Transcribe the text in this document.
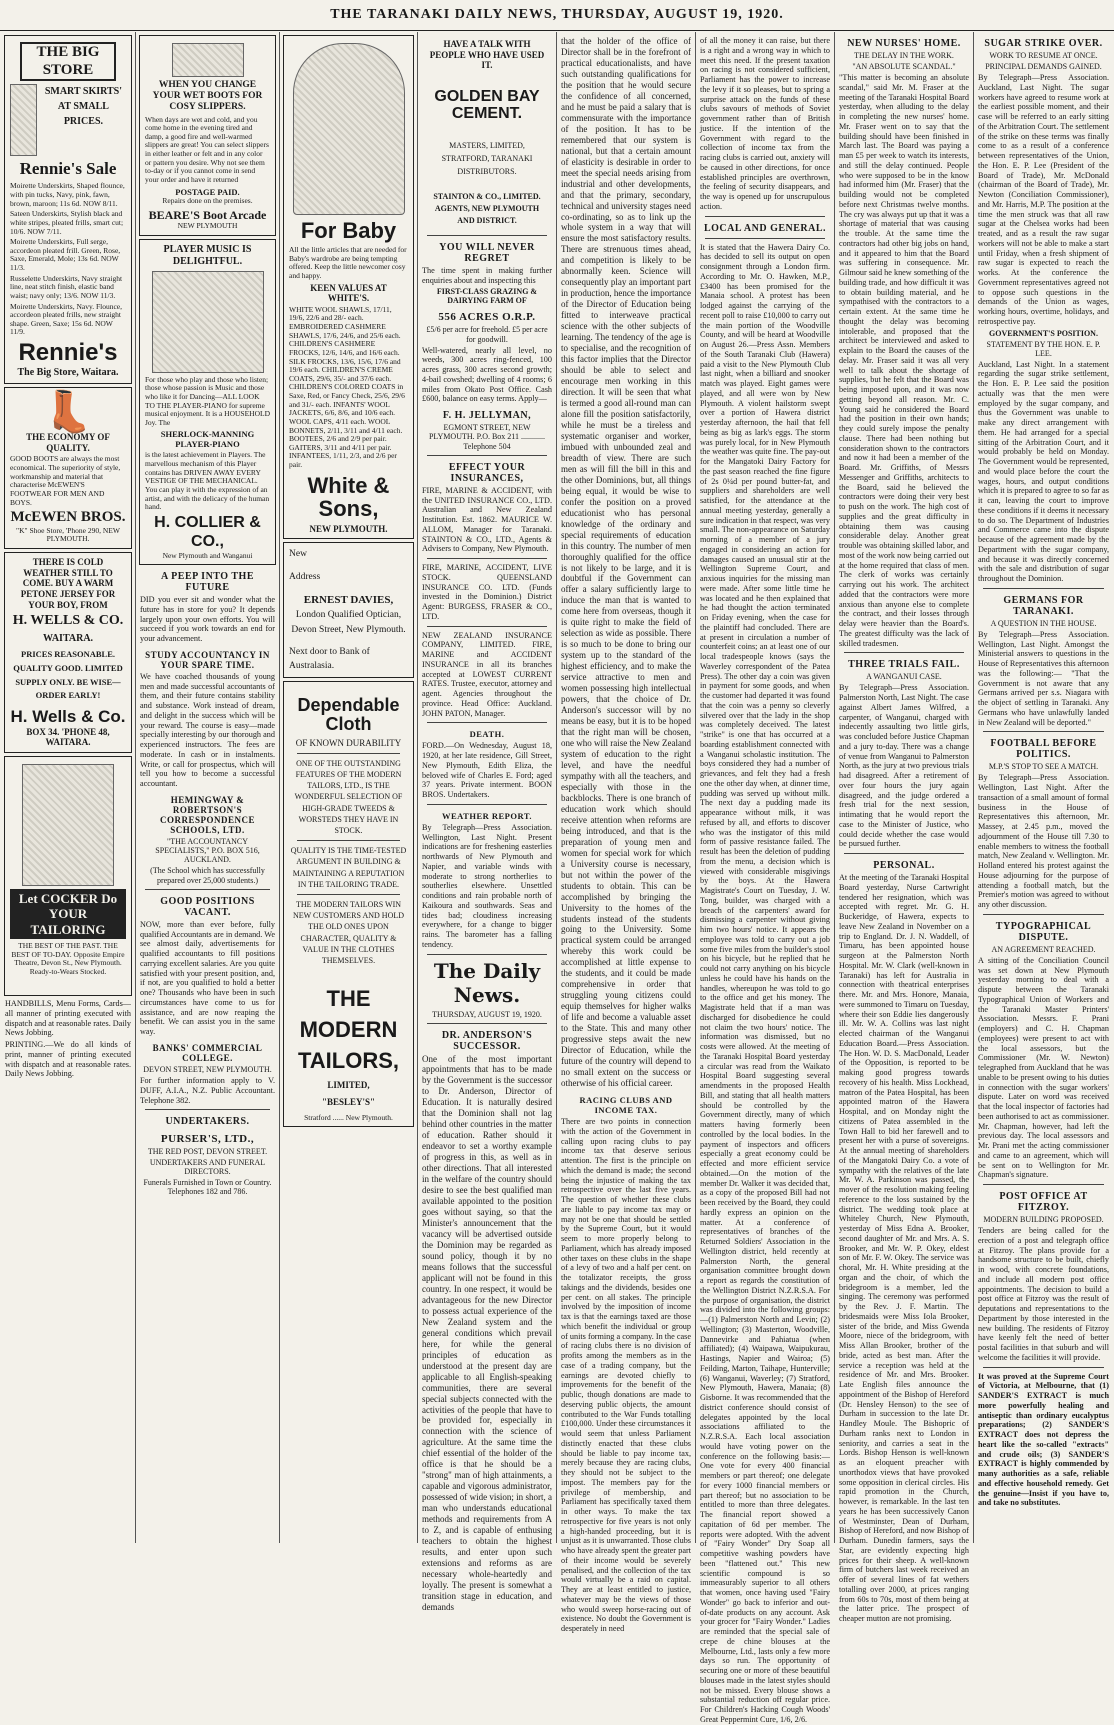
THE TARANAKI DAILY NEWS, THURSDAY, AUGUST 19, 1920.
THE BIG STORE
SMART SKIRTS' AT SMALL PRICES.
Rennie's Sale

Moirette Underskirts, Shaped flounce, with pin tucks, Navy, pink, fawn, brown, maroon; 11s 6d. NOW 8/11.

Sateen Underskirts, Stylish black and white stripes, pleated frills, smart cut; 10/6. NOW 7/11.

Moirette Underskirts, Full serge, accordeon pleated frill. Green, Rose, Saxe, Emerald, Mole; 13s 6d. NOW 11/3.

Russelette Underskirts, Navy straight line, neat stitch finish, elastic band waist; navy only; 13/6. NOW 11/3.

Moirette Underskirts, Navy. Flounce, accordeon pleated frills, new straight shape. Green, Saxe; 15s 6d. NOW 11/9.

Rennie's
The Big Store, Waitara.
👢
THE ECONOMY OF QUALITY.

GOOD BOOTS are always the most economical. The superiority of style, workmanship and material that characterise McEWEN'S FOOTWEAR FOR MEN AND BOYS.

McEWEN BROS.
"K" Shoe Store, 'Phone 290, NEW PLYMOUTH.
THERE IS COLD WEATHER STILL TO COME. BUY A WARM PETONE JERSEY FOR YOUR BOY, FROM
H. WELLS & CO.
WAITARA.
PRICES REASONABLE. QUALITY GOOD. LIMITED SUPPLY ONLY. BE WISE—ORDER EARLY!
H. Wells & Co.
BOX 34. 'PHONE 48, WAITARA.
Let COCKER Do YOUR TAILORING
THE BEST OF THE PAST. THE BEST OF TO-DAY. Opposite Empire Theatre, Devon St., New Plymouth. Ready-to-Wears Stocked.

HANDBILLS, Menu Forms, Cards—all manner of printing executed with dispatch and at reasonable rates. Daily News Jobbing.

PRINTING.—We do all kinds of print, manner of printing executed with dispatch and at reasonable rates. Daily News Jobbing.

WHEN YOU CHANGE YOUR WET BOOTS FOR COSY SLIPPERS.

When days are wet and cold, and you come home in the evening tired and damp, a good fire and well-warmed slippers are great! You can select slippers in either leather or felt and in any color or pattern you desire. Why not see them to-day or if you cannot come in send your order and have it returned

POSTAGE PAID.
Repairs done on the premises.
BEARE'S Boot Arcade
NEW PLYMOUTH
PLAYER MUSIC IS DELIGHTFUL.

For those who play and those who listen; those whose passion is Music and those who like it for Dancing—ALL LOOK TO THE PLAYER-PIANO for supreme musical enjoyment. It is a HOUSEHOLD Joy. The

SHERLOCK-MANNING PLAYER-PIANO

is the latest achievement in Players. The marvellous mechanism of this Player contains has DRIVEN AWAY EVERY VESTIGE OF THE MECHANICAL. You can play it with the expression of an artist, and with the delicacy of the human hand.

H. COLLIER & CO.,
New Plymouth and Wanganui
A PEEP INTO THE FUTURE

DID you ever sit and wonder what the future has in store for you? It depends largely upon your own efforts. You will succeed if you work towards an end for your advancement.

STUDY ACCOUNTANCY IN YOUR SPARE TIME.

We have coached thousands of young men and made successful accountants of them, and their future contains stability and substance. Work instead of dream, and delight in the success which will be your reward. The course is easy—made specially interesting by our thorough and experienced instructors. The fees are moderate. In cash or in instalments. Write, or call for prospectus, which will tell you how to become a successful accountant.

HEMINGWAY & ROBERTSON'S CORRESPONDENCE SCHOOLS, LTD.
"THE ACCOUNTANCY SPECIALISTS," P.O. BOX 516, AUCKLAND.
(The School which has successfully prepared over 25,000 students.)
GOOD POSITIONS VACANT.

NOW, more than ever before, fully qualified Accountants are in demand. We see almost daily, advertisements for qualified accountants to fill positions carrying excellent salaries. Are you quite satisfied with your present position, and, if not, are you qualified to hold a better one? Thousands who have been in such circumstances have come to us for assistance, and are now reaping the benefit. We can assist you in the same way.

BANKS' COMMERCIAL COLLEGE.
DEVON STREET, NEW PLYMOUTH.

For further information apply to V. DUFF, A.I.A., N.Z. Public Accountant. Telephone 382.

UNDERTAKERS.
PURSER'S, LTD.,
THE RED POST, DEVON STREET.
UNDERTAKERS AND FUNERAL DIRECTORS.
Funerals Furnished in Town or Country. Telephones 182 and 786.
For Baby

All the little articles that are needed for Baby's wardrobe are being tempting offered. Keep the little newcomer cosy and happy.

KEEN VALUES AT WHITE'S.

WHITE WOOL SHAWLS, 17/11, 19/6, 22/6 and 28/- each. EMBROIDERED CASHMERE SHAWLS, 17/6, 24/6, and 25/6 each. CHILDREN'S CASHMERE FROCKS, 12/6, 14/6, and 16/6 each. SILK FROCKS, 13/6, 15/6, 17/6 and 19/6 each. CHILDREN'S CREME COATS, 29/6, 35/- and 37/6 each. CHILDREN'S COLORED COATS in Saxe, Red, or Fancy Check, 25/6, 29/6 and 31/- each. INFANTS' WOOL JACKETS, 6/6, 8/6, and 10/6 each. WOOL CAPS, 4/11 each. WOOL BONNETS, 2/11, 3/11 and 4/11 each. BOOTEES, 2/6 and 2/9 per pair. GAITERS, 3/11 and 4/11 per pair. INFANTEES, 1/11, 2/3, and 2/6 per pair.

White & Sons,
NEW PLYMOUTH.
New
Address
ERNEST DAVIES,
London Qualified Optician,
Devon Street, New Plymouth.
Next door to Bank of Australasia.
Dependable Cloth
OF KNOWN DURABILITY

ONE OF THE OUTSTANDING FEATURES OF THE MODERN TAILORS, LTD., IS THE WONDERFUL SELECTION OF HIGH-GRADE TWEEDS & WORSTEDS THEY HAVE IN STOCK.

QUALITY IS THE TIME-TESTED ARGUMENT IN BUILDING & MAINTAINING A REPUTATION IN THE TAILORING TRADE.

THE MODERN TAILORS WIN NEW CUSTOMERS AND HOLD THE OLD ONES UPON CHARACTER, QUALITY & VALUE IN THE CLOTHES THEMSELVES.

THE MODERN TAILORS,
LIMITED,
"BESLEY'S"
Stratford ...... New Plymouth.
HAVE A TALK WITH PEOPLE WHO HAVE USED IT.
GOLDEN BAY CEMENT.
MASTERS, LIMITED, STRATFORD, TARANAKI DISTRIBUTORS.
STAINTON & CO., LIMITED. AGENTS, NEW PLYMOUTH AND DISTRICT.
YOU WILL NEVER REGRET

The time spent in making further enquiries about and inspecting this

FIRST-CLASS GRAZING & DAIRYING FARM OF
556 ACRES O.R.P.
£5/6 per acre for freehold. £5 per acre for goodwill.

Well-watered, nearly all level, no weeds, 300 acres ring-fenced, 100 acres grass, 300 acres second growth; 4-bail cowshed; dwelling of 4 rooms; 6 miles from Okato Post Office. Cash £600, balance on easy terms. Apply—

F. H. JELLYMAN,
EGMONT STREET, NEW PLYMOUTH. P.O. Box 211 ............ Telephone 504
EFFECT YOUR INSURANCES,

FIRE, MARINE & ACCIDENT, with the UNITED INSURANCE CO., LTD. Australian and New Zealand Institution. Est. 1862. MAURICE W. ALLOM, Manager for Taranaki. STAINTON & CO., LTD., Agents & Advisers to Company, New Plymouth.

FIRE, MARINE, ACCIDENT, LIVE STOCK. QUEENSLAND INSURANCE CO. LTD. (Funds invested in the Dominion.) District Agent: BURGESS, FRASER & CO., LTD.

NEW ZEALAND INSURANCE COMPANY, LIMITED. FIRE, MARINE and ACCIDENT INSURANCE in all its branches accepted at LOWEST CURRENT RATES. Trustee, executor, attorney and agent. Agencies throughout the province. Head Office: Auckland. JOHN PATON, Manager.

DEATH.

FORD.—On Wednesday, August 18, 1920, at her late residence, Gill Street, New Plymouth, Edith Eliza, the beloved wife of Charles E. Ford; aged 37 years. Private interment. BOON BROS. Undertakers.

WEATHER REPORT.

By Telegraph—Press Association. Wellington, Last Night. Present indications are for freshening easterlies northwards of New Plymouth and Napier, and variable winds with moderate to strong northerlies to southerlies elsewhere. Unsettled conditions and rain probable north of Kaikoura and southwards. Seas and tides bad; cloudiness increasing everywhere, for a change to bigger rains. The barometer has a falling tendency.

The Daily News.
THURSDAY, AUGUST 19, 1920.
DR. ANDERSON'S SUCCESSOR.

One of the most important appointments that has to be made by the Government is the successor to Dr. Anderson, Director of Education. It is naturally desired that the Dominion shall not lag behind other countries in the matter of education. Rather should it endeavor to set a worthy example of progress in this, as well as in other directions. That all interested in the welfare of the country should desire to see the best qualified man available appointed to the position goes without saying, so that the Minister's announcement that the vacancy will be advertised outside the Dominion may be regarded as sound policy, though it by no means follows that the successful applicant will not be found in this country. In one respect, it would be advantageous for the new Director to possess actual experience of the New Zealand system and the general conditions which prevail here, for while the general principles of education as understood at the present day are applicable to all English-speaking communities, there are several special subjects connected with the activities of the people that have to be provided for, especially in connection with the science of agriculture. At the same time the chief essential of the holder of the office is that he should be a "strong" man of high attainments, a capable and vigorous administrator, possessed of wide vision; in short, a man who understands educational methods and requirements from A to Z, and is capable of enthusing teachers to obtain the highest results, and enter upon such extensions and reforms as are necessary whole-heartedly and loyally. The present is somewhat a transition stage in education, and demands

that the holder of the office of Director shall be in the forefront of practical educationalists, and have such outstanding qualifications for the position that he would secure the confidence of all concerned, and he must be paid a salary that is commensurate with the importance of the position. It has to be remembered that our system is national, but that a certain amount of elasticity is desirable in order to meet the special needs arising from industrial and other developments, and that the primary, secondary, technical and university stages need co-ordinating, so as to link up the whole system in a way that will ensure the most satisfactory results. There are strenuous times ahead, and competition is likely to be abnormally keen. Science will consequently play an important part in production, hence the importance of the Director of Education being fitted to interweave practical science with the other subjects of learning. The tendency of the age is to specialise, and the recognition of this factor implies that the Director should be able to select and encourage men working in this direction. It will be seen that what is termed a good all-round man can alone fill the position satisfactorily, while he must be a tireless and systematic organiser and worker, imbued with unbounded zeal and breadth of view. There are such men as will fill the bill in this and the other Dominions, but, all things being equal, it would be wise to confer the position on a proved educationist who has personal knowledge of the ordinary and special requirements of education in this country. The number of men thoroughly qualified for the office is not likely to be large, and it is doubtful if the Government can offer a salary sufficiently large to induce the man that is wanted to come here from overseas, though it is quite right to make the field of selection as wide as possible. There is so much to be done to bring our system up to the standard of the highest efficiency, and to make the service attractive to men and women possessing high intellectual powers, that the choice of Dr. Anderson's successor will by no means be easy, but it is to be hoped that the right man will be chosen, one who will raise the New Zealand system of education to the right level, and have the needful sympathy with all the teachers, and especially with those in the backblocks. There is one branch of education work which should receive attention when reforms are being introduced, and that is the preparation of young men and women for special work for which a University course is necessary, but not within the power of the students to obtain. This can be accomplished by bringing the University to the homes of the students instead of the students going to the University. Some practical system could be arranged whereby this work could be accomplished at little expense to the students, and it could be made comprehensive in order that struggling young citizens could equip themselves for higher walks of life and become a valuable asset to the State. This and many other progressive steps await the new Director of Education, while the future of the country will depend to no small extent on the success or otherwise of his official career.

RACING CLUBS AND INCOME TAX.

There are two points in connection with the action of the Government in calling upon racing clubs to pay income tax that deserve serious attention. The first is the principle on which the demand is made; the second being the injustice of making the tax retrospective over the last five years. The question of whether these clubs are liable to pay income tax may or may not be one that should be settled by the Supreme Court, but it would seem to more properly belong to Parliament, which has already imposed other taxes on these clubs in the shape of a levy of two and a half per cent. on the totalizator receipts, the gross takings and the dividends, besides one per cent. on all stakes. The principle involved by the imposition of income tax is that the earnings taxed are those which benefit the individual or group of units forming a company. In the case of racing clubs there is no division of profits among the members as in the case of a trading company, but the earnings are devoted chiefly to improvements for the benefit of the public, though donations are made to deserving public objects, the amount contributed to the War Funds totalling £100,000. Under these circumstances it would seem that unless Parliament distinctly enacted that these clubs should be liable to pay income tax, merely because they are racing clubs, they should not be subject to the impost. The members pay for the privilege of membership, and Parliament has specifically taxed them in other ways. To make the tax retrospective for five years is not only a high-handed proceeding, but it is unjust as it is unwarranted. Those clubs who have already spent the greater part of their income would be severely penalised, and the collection of the tax would virtually be a raid on capital. They are at least entitled to justice, whatever may be the views of those who would sweep horse-racing out of existence. No doubt the Government is desperately in need

of all the money it can raise, but there is a right and a wrong way in which to meet this need. If the present taxation on racing is not considered sufficient, Parliament has the power to increase the levy if it so pleases, but to spring a surprise attack on the funds of these clubs savours of methods of Soviet government rather than of British justice. If the intention of the Government with regard to the collection of income tax from the racing clubs is carried out, anxiety will be caused in other directions, for once established principles are overthrown, the feeling of security disappears, and the way is opened up for unscrupulous action.

LOCAL AND GENERAL.

It is stated that the Hawera Dairy Co. has decided to sell its output on open consignment through a London firm. According to Mr. O. Hawken, M.P., £3400 has been promised for the Manaia school. A protest has been lodged against the carrying of the recent poll to raise £10,000 to carry out the main portion of the Woodville County, and will be heard at Woodville on August 26.—Press Assn. Members of the South Taranaki Club (Hawera) paid a visit to the New Plymouth Club last night, when a billiard and snooker match was played. Eight games were played, and all were won by New Plymouth. A violent hailstorm swept over a portion of Hawera district yesterday afternoon, the hail that fell being as big as lark's eggs. The storm was purely local, for in New Plymouth the weather was quite fine. The pay-out for the Mangatoki Dairy Factory for the past season reached the fine figure of 2s 0¼d per pound butter-fat, and suppliers and shareholders are well satisfied, for the attendance at the annual meeting yesterday, generally a sure indication in that respect, was very small. The non-appearance on Saturday morning of a member of a jury engaged in considering an action for damages caused an unusual stir at the Wellington Supreme Court, and anxious inquiries for the missing man were made. After some little time he was located and he then explained that he had thought the action terminated on Friday evening, when the case for the plaintiff had concluded. There are at present in circulation a number of counterfeit coins; an at least one of our local tradespeople knows (says the Waverley correspondent of the Patea Press). The other day a coin was given in payment for some goods, and when the customer had departed it was found that the coin was a penny so cleverly silvered over that the lady in the shop was completely deceived. The latest "strike" is one that has occurred at a boarding establishment connected with a Wanganui scholastic institution. The boys considered they had a number of grievances, and felt they had a fresh one the other day when, at dinner time, pudding was served up without milk. The next day a pudding made its appearance without milk, it was refused by all, and efforts to discover who was the instigator of this mild form of passive resistance failed. The result has been the deletion of pudding from the menu, a decision which is viewed with considerable misgivings by the boys. At the Hawera Magistrate's Court on Tuesday, J. W. Tong, builder, was charged with a breach of the carpenters' award for dismissing a carpenter without giving him two hours' notice. It appears the employee was told to carry out a job some five miles from the builder's stool on his bicycle, but he replied that he could not carry anything on his bicycle unless he could have his hands on the handles, whereupon he was told to go to the office and get his money. The Magistrate held that if a man was discharged for disobedience he could not claim the two hours' notice. The information was dismissed, but no costs were allowed. At the meeting of the Taranaki Hospital Board yesterday a circular was read from the Waikato Hospital Board suggesting several amendments in the proposed Health Bill, and stating that all health matters should be controlled by the Government directly, many of which matters having formerly been controlled by the local bodies. In the payment of inspectors and officers especially a great economy could be effected and more efficient service obtained.—On the motion of the member Dr. Walker it was decided that, as a copy of the proposed Bill had not been received by the Board, they could hardly express an opinion on the matter. At a conference of representatives of branches of the Returned Soldiers' Association in the Wellington district, held recently at Palmerston North, the general organisation committee brought down a report as regards the constitution of the Wellington District N.Z.R.S.A. For the purpose of organisation, the district was divided into the following groups:—(1) Palmerston North and Levin; (2) Wellington; (3) Masterton, Woodville, Dannevirke and Pahiatua (when affiliated); (4) Waipawa, Waipukurau, Hastings, Napier and Wairoa; (5) Feilding, Marton, Taihape, Hunterville; (6) Wanganui, Waverley; (7) Stratford, New Plymouth, Hawera, Manaia; (8) Gisborne. It was recommended that the district conference should consist of delegates appointed by the local associations affiliated to the N.Z.R.S.A. Each local association would have voting power on the conference on the following basis:—One vote for every 400 financial members or part thereof; one delegate for every 1000 financial members or part thereof; but no association to be entitled to more than three delegates. The financial report showed a capitation of 6d per member. The reports were adopted. With the advent of "Fairy Wonder" Dry Soap all competitive washing powders have been "flattened out." This new scientific compound is so immeasurably superior to all others that women, once having used "Fairy Wonder" go back to inferior and out-of-date products on any account. Ask your grocer for "Fairy Wonder." Ladies are reminded that the special sale of crepe de chine blouses at the Melbourne, Ltd., lasts only a few more days so run. The opportunity of securing one or more of these beautiful blouses made in the latest styles should not be missed. Every blouse shows a substantial reduction off regular price. For Children's Hacking Cough Woods' Great Peppermint Cure, 1/6, 2/6.

NEW NURSES' HOME.
THE DELAY IN THE WORK.
"AN ABSOLUTE SCANDAL."

"This matter is becoming an absolute scandal," said Mr. M. Fraser at the meeting of the Taranaki Hospital Board yesterday, when alluding to the delay in completing the new nurses' home. Mr. Fraser went on to say that the building should have been finished in March last. The Board was paying a man £5 per week to watch its interests, and still the delay continued. People who were supposed to be in the know had informed him (Mr. Fraser) that the building would not be completed before next Christmas twelve months. The cry was always put up that it was a shortage of material that was causing the trouble. At the same time the contractors had other big jobs on hand, and it appeared to him that the Board was suffering in consequence. Mr. Gilmour said he knew something of the building trade, and how difficult it was to obtain building material, and he sympathised with the contractors to a certain extent. At the same time he thought the delay was becoming intolerable, and proposed that the architect be interviewed and asked to explain to the Board the causes of the delay. Mr. Fraser said it was all very well to talk about the shortage of supplies, but he felt that the Board was being imposed upon, and it was now getting beyond all reason. Mr. C. Young said he considered the Board had the position in their own hands; they could surely impose the penalty clause. There had been nothing but consideration shown to the contractors and now it had been a member of the Board. Mr. Griffiths, of Messrs Messenger and Griffiths, architects to the Board, said he believed the contractors were doing their very best to push on the work. The high cost of supplies and the great difficulty in obtaining them was causing considerable delay. Another great trouble was obtaining skilled labor, and most of the work now being carried out at the home required that class of men. The clerk of works was certainly carrying out his work. The architect added that the contractors were more anxious than anyone else to complete the contract, and their losses through delay were heavier than the Board's. The greatest difficulty was the lack of skilled tradesmen.

THREE TRIALS FAIL.
A WANGANUI CASE.

By Telegraph—Press Association. Palmerston North, Last Night. The case against Albert James Wilfred, a carpenter, of Wanganui, charged with indecently assaulting two little girls, was concluded before Justice Chapman and a jury to-day. There was a change of venue from Wanganui to Palmerston North, as the jury at two previous trials had disagreed. After a retirement of over four hours the jury again disagreed, and the judge ordered a fresh trial for the next session, intimating that he would report the case to the Minister of Justice, who could decide whether the case would be pursued further.

PERSONAL.

At the meeting of the Taranaki Hospital Board yesterday, Nurse Cartwright tendered her resignation, which was accepted with regret. Mr. G. H. Buckeridge, of Hawera, expects to leave New Zealand in November on a trip to England. Dr. J. N. Waddell, of Timaru, has been appointed house surgeon at the Palmerston North Hospital. Mr. W. Clark (well-known in Taranaki) has left for Australia in connection with theatrical enterprises there. Mr. and Mrs. Honore, Manaia, were summoned to Timaru on Tuesday, where their son Eddie lies dangerously ill. Mr. W. A. Collins was last night elected chairman of the Wanganui Education Board.—Press Association. The Hon. W. D. S. MacDonald, Leader of the Opposition, is reported to be making good progress towards recovery of his health. Miss Lockhead, matron of the Patea Hospital, has been appointed matron of the Hawera Hospital, and on Monday night the citizens of Patea assembled in the Town Hall to bid her farewell and to present her with a purse of sovereigns. At the annual meeting of shareholders of the Mangatoki Dairy Co. a vote of sympathy with the relatives of the late Mr. W. A. Parkinson was passed, the mover of the resolution making feeling reference to the loss sustained by the district. The wedding took place at Whiteley Church, New Plymouth, yesterday of Miss Edna A. Brooker, second daughter of Mr. and Mrs. A. S. Brooker, and Mr. W. P. Okey, eldest son of Mr. F. W. Okey. The service was choral, Mr. H. White presiding at the organ and the choir, of which the bridegroom is a member, led the singing. The ceremony was performed by the Rev. J. F. Martin. The bridesmaids were Miss Iola Brooker, sister of the bride, and Miss Gwenda Moore, niece of the bridegroom, with Miss Allan Brooker, brother of the bride, acted as best man. After the service a reception was held at the residence of Mr. and Mrs. Brooker. Late English files announce the appointment of the Bishop of Hereford (Dr. Hensley Henson) to the see of Durham in succession to the late Dr. Handley Moule. The Bishopric of Durham ranks next to London in seniority, and carries a seat in the Lords. Bishop Henson is well-known as an eloquent preacher with unorthodox views that have provoked some opposition in clerical circles. His rapid promotion in the Church, however, is remarkable. In the last ten years he has been successively Canon of Westminster, Dean of Durham, Bishop of Hereford, and now Bishop of Durham. Dunedin farmers, says the Star, are evidently expecting high prices for their sheep. A well-known firm of butchers last week received an offer of several lines of fat wethers totalling over 2000, at prices ranging from 60s to 70s, most of them being at the latter price. The prospect of cheaper mutton are not promising.

SUGAR STRIKE OVER.
WORK TO RESUME AT ONCE.
PRINCIPAL DEMANDS GAINED.

By Telegraph—Press Association. Auckland, Last Night. The sugar workers have agreed to resume work at the earliest possible moment, and their case will be referred to an early sitting of the Arbitration Court. The settlement of the strike on these terms was finally come to as a result of a conference between representatives of the Union, the Hon. E. P. Lee (President of the Board of Trade), Mr. McDonald (chairman of the Board of Trade), Mr. Newton (Conciliation Commissioner), and Mr. Harris, M.P. The position at the time the men struck was that all raw sugar at the Chelsea works had been treated, and as a result the raw sugar workers will not be able to make a start until Friday, when a fresh shipment of raw sugar is expected to reach the works. At the conference the Government representatives agreed not to oppose such questions in the demands of the Union as wages, working hours, overtime, holidays, and retrospective pay.

GOVERNMENT'S POSITION.
STATEMENT BY THE HON. E. P. LEE.

Auckland, Last Night. In a statement regarding the sugar strike settlement, the Hon. E. P. Lee said the position actually was that the men were employed by the sugar company, and thus the Government was unable to make any direct arrangement with them. He had arranged for a special sitting of the Arbitration Court, and it would probably be held on Monday. The Government would be represented, and would place before the court the wages, hours, and output conditions which it is prepared to agree to so far as it can, leaving the court to improve these conditions if it deems it necessary to do so. The Department of Industries and Commerce came into the dispute because of the agreement made by the Department with the sugar company, and because it was directly concerned with the sale and distribution of sugar throughout the Dominion.

GERMANS FOR TARANAKI.
A QUESTION IN THE HOUSE.

By Telegraph—Press Association. Wellington, Last Night. Amongst the Ministerial answers to questions in the House of Representatives this afternoon was the following:— "That the Government is not aware that any Germans arrived per s.s. Niagara with the object of settling in Taranaki. Any Germans who have unlawfully landed in New Zealand will be deported."

FOOTBALL BEFORE POLITICS.
M.P.'S STOP TO SEE A MATCH.

By Telegraph—Press Association. Wellington, Last Night. After the transaction of a small amount of formal business in the House of Representatives this afternoon, Mr. Massey, at 2.45 p.m., moved the adjournment of the House till 7.30 to enable members to witness the football match, New Zealand v. Wellington. Mr. Holland entered his protest against the House adjourning for the purpose of attending a football match, but the Premier's motion was agreed to without any other discussion.

TYPOGRAPHICAL DISPUTE.
AN AGREEMENT REACHED.

A sitting of the Conciliation Council was set down at New Plymouth yesterday morning to deal with a dispute between the Taranaki Typographical Union of Workers and the Taranaki Master Printers' Association. Messrs. F. Prani (employers) and C. H. Chapman (employees) were present to act with the local assessors, but the Commissioner (Mr. W. Newton) telegraphed from Auckland that he was unable to be present owing to his duties in connection with the sugar workers' dispute. Later on word was received that the local inspector of factories had been authorised to act as commissioner. Mr. Chapman, however, had left the previous day. The local assessors and Mr. Prani met the acting commissioner and came to an agreement, which will be sent on to Wellington for Mr. Chapman's signature.

POST OFFICE AT FITZROY.
MODERN BUILDING PROPOSED.

Tenders are being called for the erection of a post and telegraph office at Fitzroy. The plans provide for a handsome structure to be built, chiefly in wood, with concrete foundations, and include all modern post office appointments. The decision to build a post office at Fitzroy was the result of deputations and representations to the Department by those interested in the new building. The residents of Fitzroy have keenly felt the need of better postal facilities in that suburb and will welcome the facilities it will provide.

It was proved at the Supreme Court of Victoria, at Melbourne, that (1) SANDER'S EXTRACT is much more powerfully healing and antiseptic than ordinary eucalyptus preparations; (2) SANDER'S EXTRACT does not depress the heart like the so-called "extracts" and crude oils; (3) SANDER'S EXTRACT is highly commended by many authorities as a safe, reliable and effective household remedy. Get the genuine—Insist if you have to, and take no substitutes.
